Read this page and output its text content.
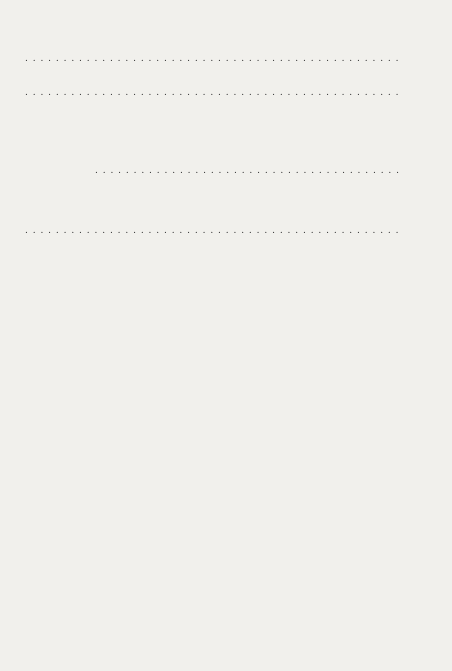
. . .
. . .
. . .
. . .
